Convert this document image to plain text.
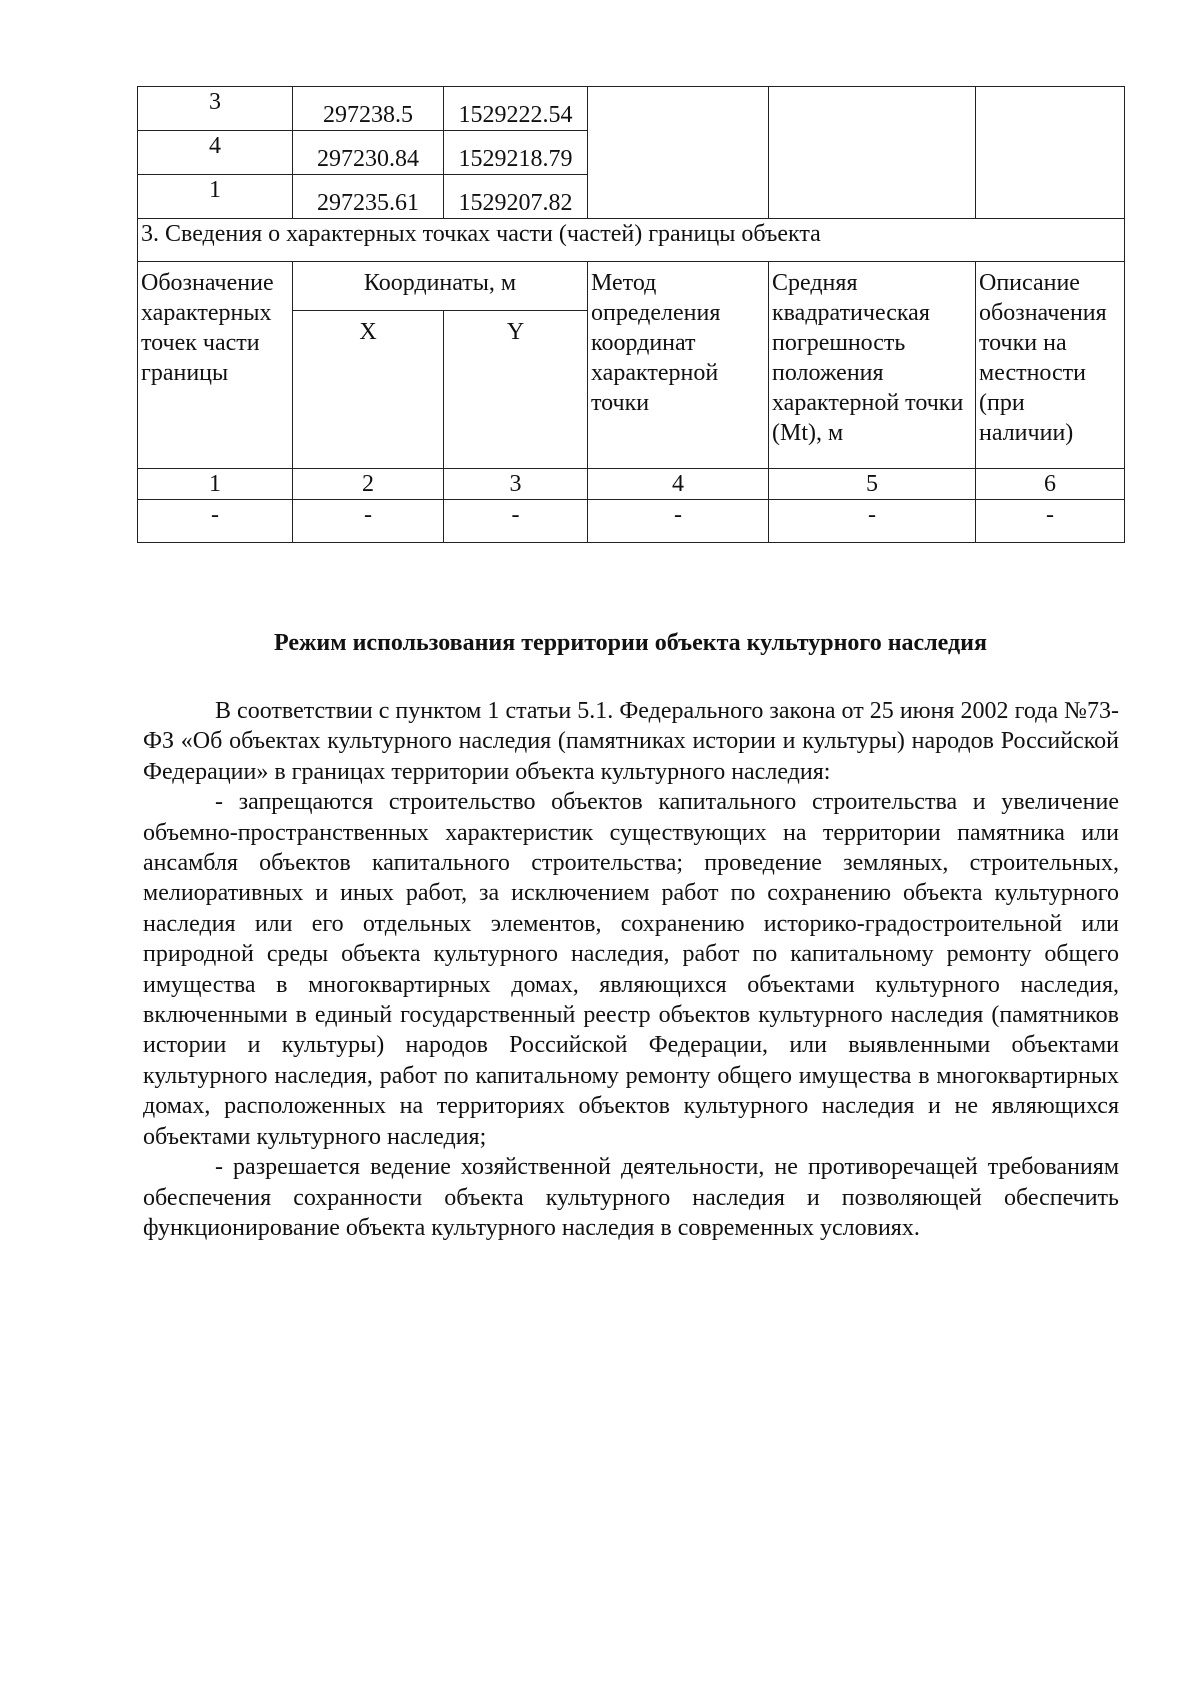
3	297238.5	1529222.54			
4	297230.84	1529218.79			
1	297235.61	1529207.82			
3. Сведения о характерных точках части (частей) границы объекта					
Обозначение характерных точек части границы	Координаты, м		Метод определения координат характерной точки	Средняя квадратическая погрешность положения характерной точки (Mt), м	Описание обозначения точки на местности (при наличии)
	X	Y			
1	2	3	4	5	6
-	-	-	-	-	-
Режим использования территории объекта культурного наследия

В соответствии с пунктом 1 статьи 5.1. Федерального закона от 25 июня 2002 года №73-ФЗ «Об объектах культурного наследия (памятниках истории и культуры) народов Российской Федерации» в границах территории объекта культурного наследия:

- запрещаются строительство объектов капитального строительства и увеличение объемно-пространственных характеристик существующих на территории памятника или ансамбля объектов капитального строительства; проведение земляных, строительных, мелиоративных и иных работ, за исключением работ по сохранению объекта культурного наследия или его отдельных элементов, сохранению историко-градостроительной или природной среды объекта культурного наследия, работ по капитальному ремонту общего имущества в многоквартирных домах, являющихся объектами культурного наследия, включенными в единый государственный реестр объектов культурного наследия (памятников истории и культуры) народов Российской Федерации, или выявленными объектами культурного наследия, работ по капитальному ремонту общего имущества в многоквартирных домах, расположенных на территориях объектов культурного наследия и не являющихся объектами культурного наследия;

- разрешается ведение хозяйственной деятельности, не противоречащей требованиям обеспечения сохранности объекта культурного наследия и позволяющей обеспечить функционирование объекта культурного наследия в современных условиях.
